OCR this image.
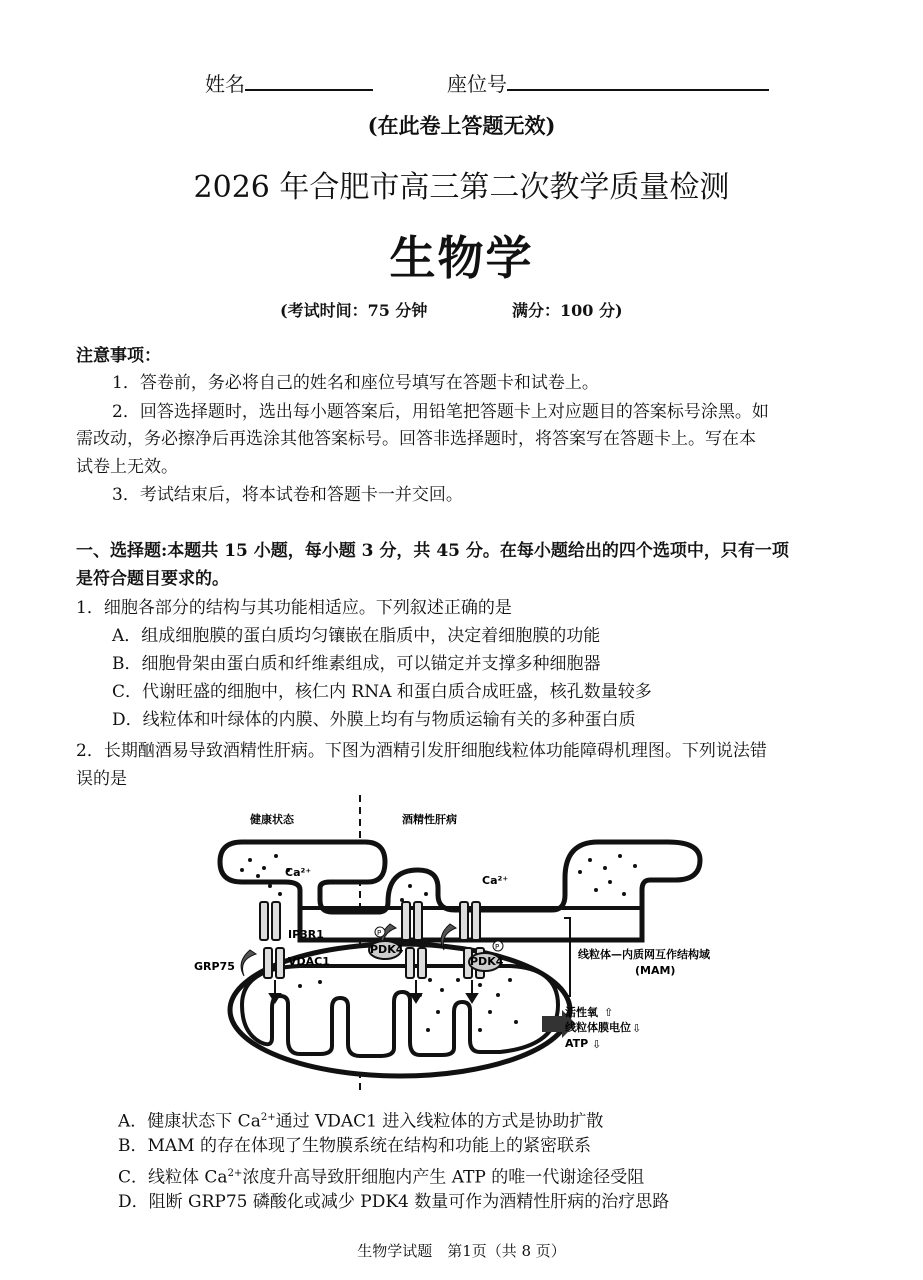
姓名	座位号
(在此卷上答题无效)
2026 年合肥市高三第二次教学质量检测
生物学
(考试时间：75 分钟	满分：100 分)
注意事项：
1．答卷前，务必将自己的姓名和座位号填写在答题卡和试卷上。
2．回答选择题时，选出每小题答案后，用铅笔把答题卡上对应题目的答案标号涂黑。如
需改动，务必擦净后再选涂其他答案标号。回答非选择题时，将答案写在答题卡上。写在本
试卷上无效。
3．考试结束后，将本试卷和答题卡一并交回。
一、选择题:本题共 15 小题，每小题 3 分，共 45 分。在每小题给出的四个选项中，只有一项
是符合题目要求的。
1．细胞各部分的结构与其功能相适应。下列叙述正确的是
A．组成细胞膜的蛋白质均匀镶嵌在脂质中，决定着细胞膜的功能
B．细胞骨架由蛋白质和纤维素组成，可以锚定并支撑多种细胞器
C．代谢旺盛的细胞中，核仁内 RNA 和蛋白质合成旺盛，核孔数量较多
D．线粒体和叶绿体的内膜、外膜上均有与物质运输有关的多种蛋白质
2．长期酗酒易导致酒精性肝病。下图为酒精引发肝细胞线粒体功能障碍机理图。下列说法错
误的是
健康状态	酒精性肝病
P
P
Ca²⁺
Ca²⁺
IP3R1
VDAC1
GRP75
PDK4
PDK4
线粒体—内质网互作结构域
(MAM)
活性氧 ⇧
线粒体膜电位 ⇩
ATP ⇩
A．健康状态下 $Ca^{2+}$通过 VDAC1 进入线粒体的方式是协助扩散
B．MAM 的存在体现了生物膜系统在结构和功能上的紧密联系
C．线粒体 $Ca^{2+}$浓度升高导致肝细胞内产生 ATP 的唯一代谢途径受阻
D．阻断 GRP75 磷酸化或减少 PDK4 数量可作为酒精性肝病的治疗思路
生物学试题　第1页（共 8 页）
